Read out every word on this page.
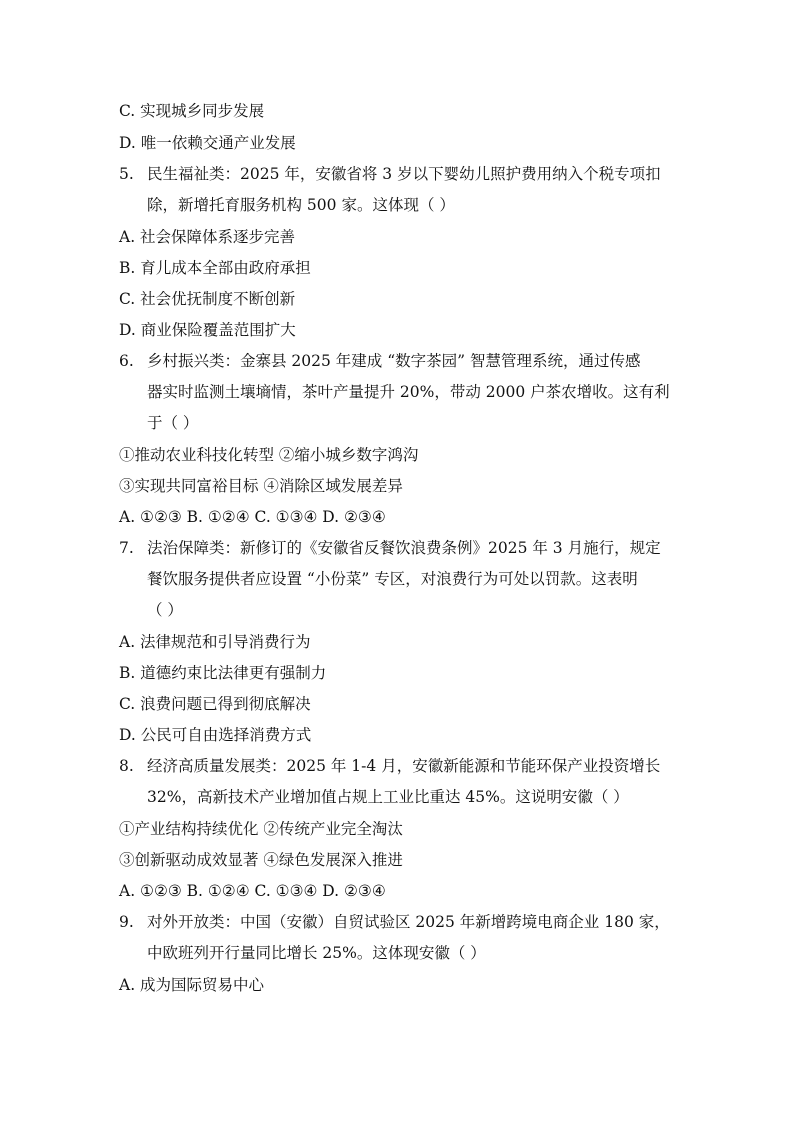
C. 实现城乡同步发展
D. 唯一依赖交通产业发展
5. 民生福祉类：2025 年，安徽省将 3 岁以下婴幼儿照护费用纳入个税专项扣
除，新增托育服务机构 500 家。这体现（ ）
A. 社会保障体系逐步完善
B. 育儿成本全部由政府承担
C. 社会优抚制度不断创新
D. 商业保险覆盖范围扩大
6. 乡村振兴类：金寨县 2025 年建成 “数字茶园” 智慧管理系统，通过传感
器实时监测土壤墒情，茶叶产量提升 20%，带动 2000 户茶农增收。这有利
于（ ）
①推动农业科技化转型 ②缩小城乡数字鸿沟
③实现共同富裕目标 ④消除区域发展差异
A. ①②③ B. ①②④ C. ①③④ D. ②③④
7. 法治保障类：新修订的《安徽省反餐饮浪费条例》2025 年 3 月施行，规定
餐饮服务提供者应设置 “小份菜” 专区，对浪费行为可处以罚款。这表明
（ ）
A. 法律规范和引导消费行为
B. 道德约束比法律更有强制力
C. 浪费问题已得到彻底解决
D. 公民可自由选择消费方式
8. 经济高质量发展类：2025 年 1-4 月，安徽新能源和节能环保产业投资增长
32%，高新技术产业增加值占规上工业比重达 45%。这说明安徽（ ）
①产业结构持续优化 ②传统产业完全淘汰
③创新驱动成效显著 ④绿色发展深入推进
A. ①②③ B. ①②④ C. ①③④ D. ②③④
9. 对外开放类：中国（安徽）自贸试验区 2025 年新增跨境电商企业 180 家，
中欧班列开行量同比增长 25%。这体现安徽（ ）
A. 成为国际贸易中心
